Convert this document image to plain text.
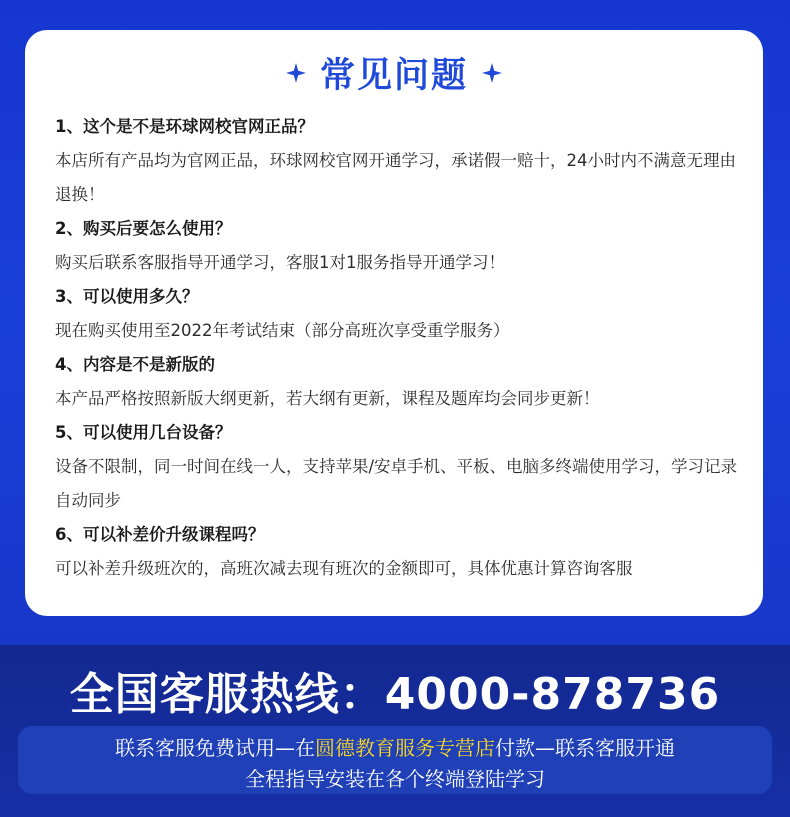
常见问题
1、这个是不是环球网校官网正品？
本店所有产品均为官网正品，环球网校官网开通学习，承诺假一赔十，24小时内不满意无理由退换！
2、购买后要怎么使用？
购买后联系客服指导开通学习，客服1对1服务指导开通学习！
3、可以使用多久？
现在购买使用至2022年考试结束（部分高班次享受重学服务）
4、内容是不是新版的
本产品严格按照新版大纲更新，若大纲有更新，课程及题库均会同步更新！
5、可以使用几台设备？
设备不限制，同一时间在线一人，支持苹果/安卓手机、平板、电脑多终端使用学习，学习记录自动同步
6、可以补差价升级课程吗？
可以补差升级班次的，高班次减去现有班次的金额即可，具体优惠计算咨询客服
全国客服热线：4000-878736
联系客服免费试用—在圆德教育服务专营店付款—联系客服开通
全程指导安装在各个终端登陆学习
